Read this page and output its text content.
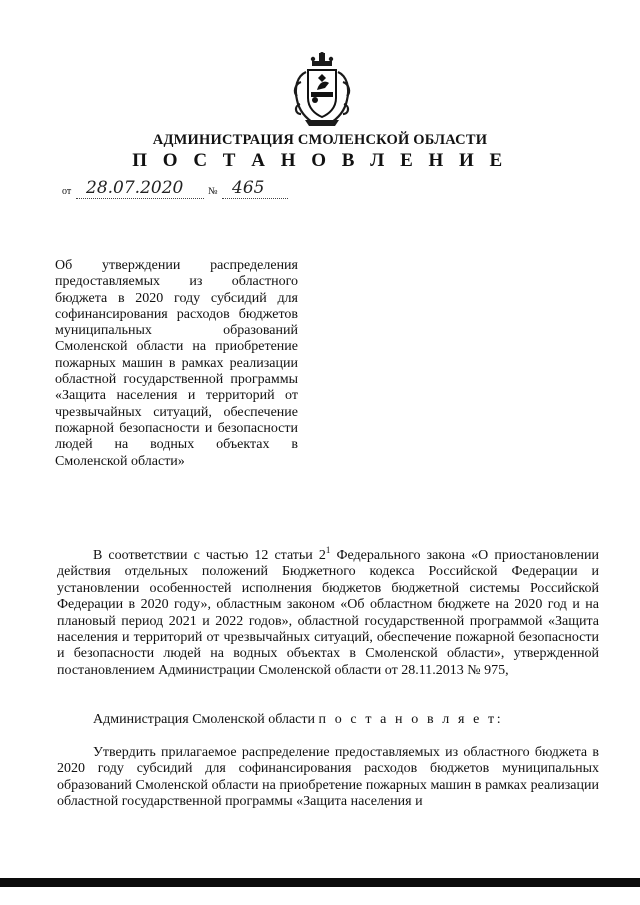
АДМИНИСТРАЦИЯ СМОЛЕНСКОЙ ОБЛАСТИ
П О С Т А Н О В Л Е Н И Е
от 28.07.2020 № 465
Об утверждении распределения предоставляемых из областного бюджета в 2020 году субсидий для софинансирования расходов бюджетов муниципальных образований Смоленской области на приобретение пожарных машин в рамках реализации областной государственной программы «Защита населения и территорий от чрезвычайных ситуаций, обеспечение пожарной безопасности и безопасности людей на водных объектах в Смоленской области»

В соответствии с частью 12 статьи $2^1$ Федерального закона «О приостановлении действия отдельных положений Бюджетного кодекса Российской Федерации и установлении особенностей исполнения бюджетов бюджетной системы Российской Федерации в 2020 году», областным законом «Об областном бюджете на 2020 год и на плановый период 2021 и 2022 годов», областной государственной программой «Защита населения и территорий от чрезвычайных ситуаций, обеспечение пожарной безопасности и безопасности людей на водных объектах в Смоленской области», утвержденной постановлением Администрации Смоленской области от 28.11.2013 № 975,

Администрация Смоленской области п о с т а н о в л я е т:

Утвердить прилагаемое распределение предоставляемых из областного бюджета в 2020 году субсидий для софинансирования расходов бюджетов муниципальных образований Смоленской области на приобретение пожарных машин в рамках реализации областной государственной программы «Защита населения и
